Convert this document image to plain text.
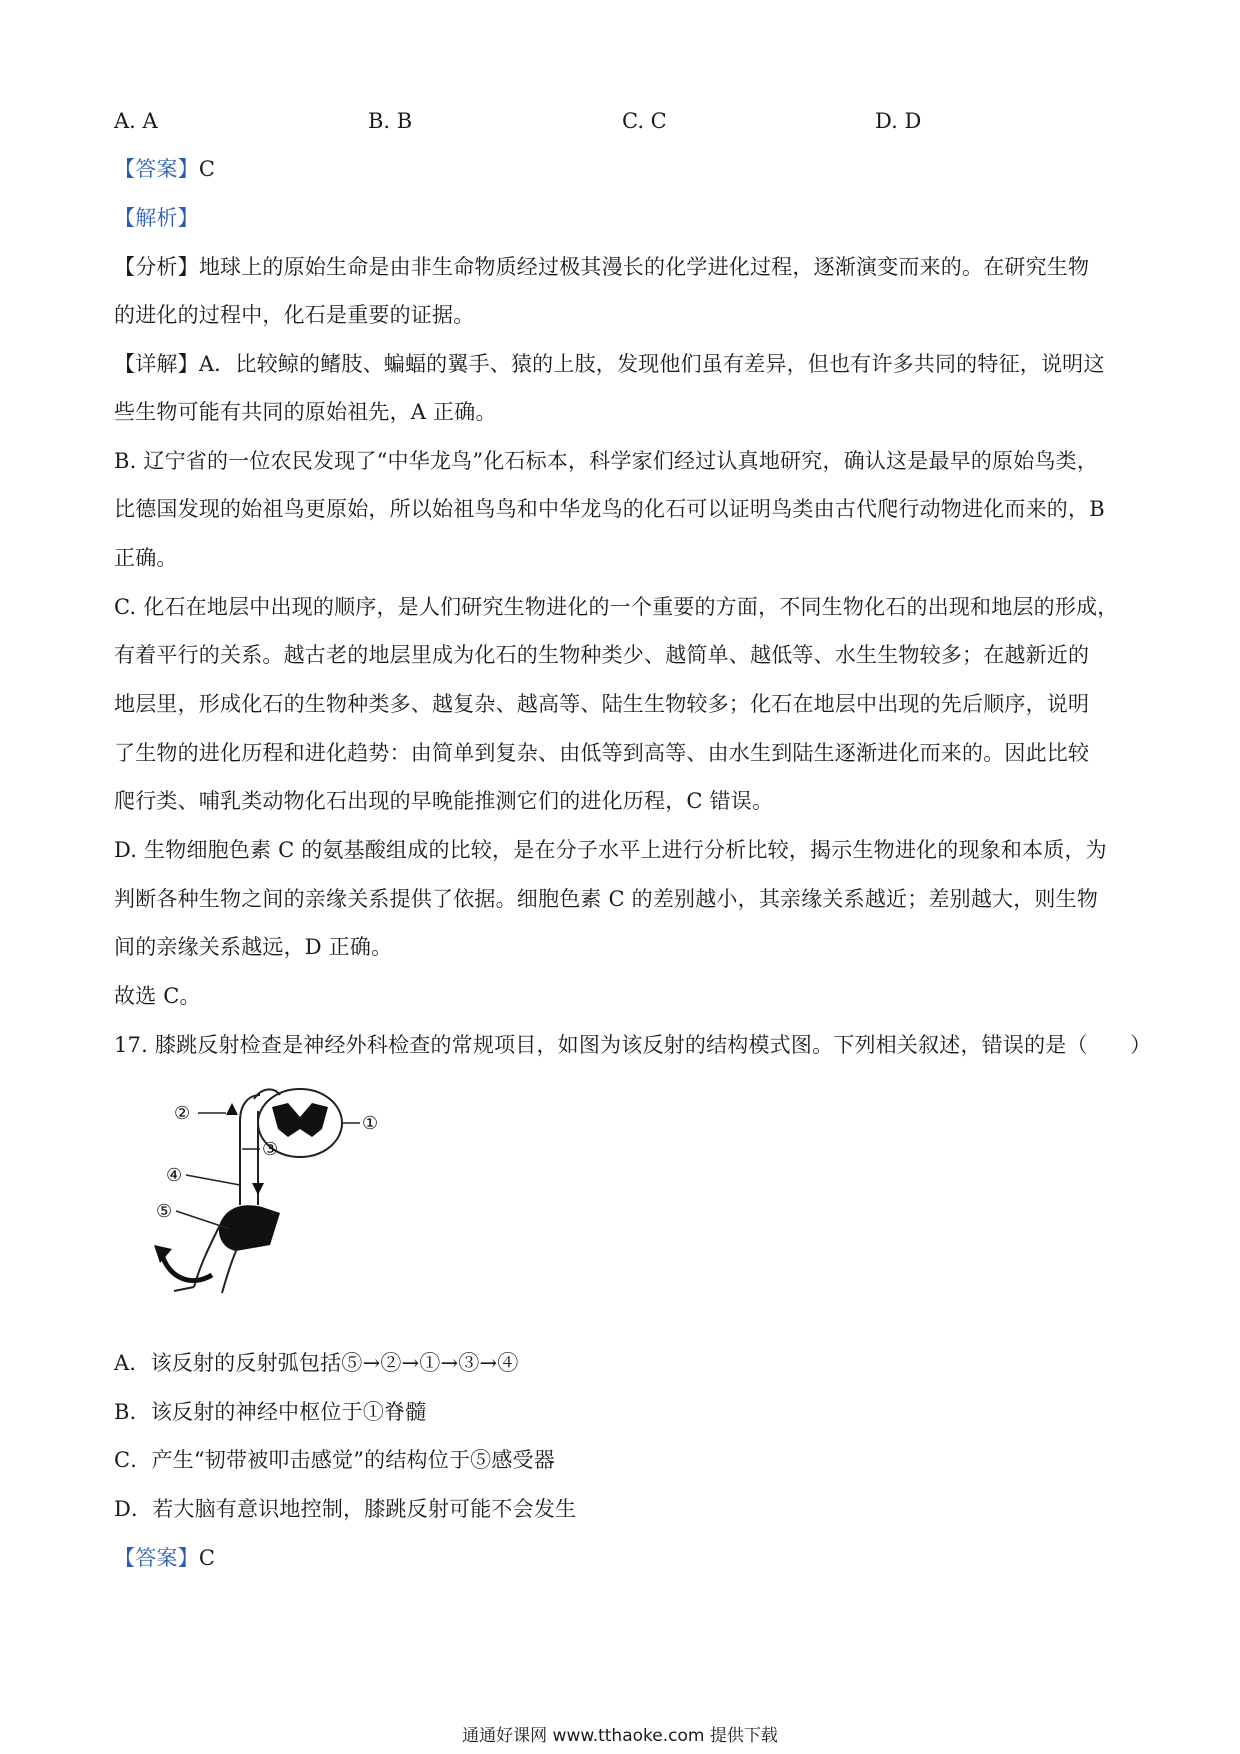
A. A	B. B	C. C	D. D
【答案】C
【解析】
【分析】地球上的原始生命是由非生命物质经过极其漫长的化学进化过程，逐渐演变而来的。在研究生物
的进化的过程中，化石是重要的证据。
【详解】A．比较鲸的鳍肢、蝙蝠的翼手、猿的上肢，发现他们虽有差异，但也有许多共同的特征，说明这
些生物可能有共同的原始祖先，A 正确。
B. 辽宁省的一位农民发现了“中华龙鸟”化石标本，科学家们经过认真地研究，确认这是最早的原始鸟类，
比德国发现的始祖鸟更原始，所以始祖鸟鸟和中华龙鸟的化石可以证明鸟类由古代爬行动物进化而来的，B
正确。
C. 化石在地层中出现的顺序，是人们研究生物进化的一个重要的方面，不同生物化石的出现和地层的形成，
有着平行的关系。越古老的地层里成为化石的生物种类少、越简单、越低等、水生生物较多；在越新近的
地层里，形成化石的生物种类多、越复杂、越高等、陆生生物较多；化石在地层中出现的先后顺序，说明
了生物的进化历程和进化趋势：由简单到复杂、由低等到高等、由水生到陆生逐渐进化而来的。因此比较
爬行类、哺乳类动物化石出现的早晚能推测它们的进化历程，C 错误。
D. 生物细胞色素 C 的氨基酸组成的比较，是在分子水平上进行分析比较，揭示生物进化的现象和本质，为
判断各种生物之间的亲缘关系提供了依据。细胞色素 C 的差别越小，其亲缘关系越近；差别越大，则生物
间的亲缘关系越远，D 正确。
故选 C。
17. 膝跳反射检查是神经外科检查的常规项目，如图为该反射的结构模式图。下列相关叙述，错误的是（　　）
①
②
③
④
⑤
A．该反射的反射弧包括⑤→②→①→③→④
B．该反射的神经中枢位于①脊髓
C．产生“韧带被叩击感觉”的结构位于⑤感受器
D．若大脑有意识地控制，膝跳反射可能不会发生
【答案】C
通通好课网 www.tthaoke.com 提供下载
